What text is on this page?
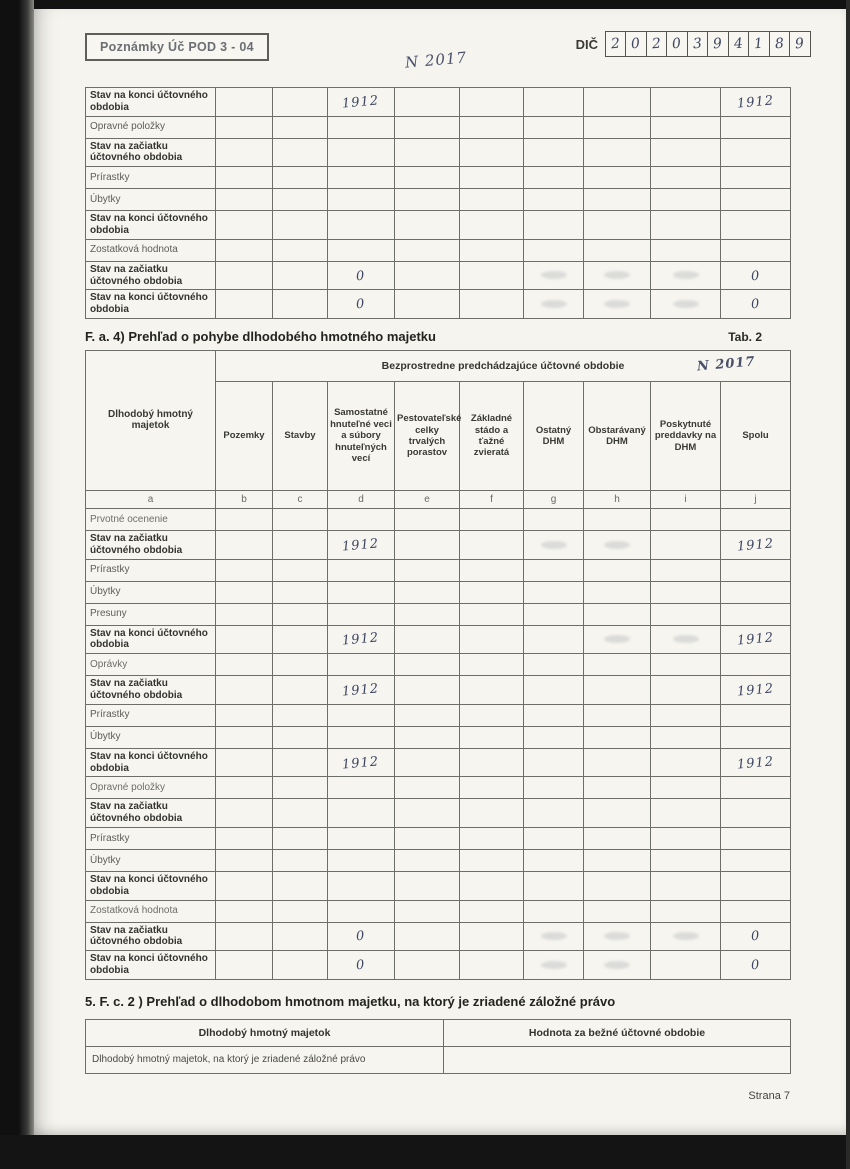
Poznámky Úč POD 3 - 04
N 2017
DIČ 2 0 2 0 3 9 4 1 8 9
Stav na konci účtovného obdobia			1912						1912
Opravné položky									
Stav na začiatku účtovného obdobia									
Prírastky									
Úbytky									
Stav na konci účtovného obdobia									
Zostatková hodnota									
Stav na začiatku účtovného obdobia			0						0
Stav na konci účtovného obdobia			0						0
F. a. 4) Prehľad o pohybe dlhodobého hmotného majetku	Tab. 2
Dlhodobý hmotný majetok	Bezprostredne predchádzajúce účtovné obdobie N 2017								

	Pozemky	Stavby	Samostatné hnuteľné veci a súbory hnuteľných vecí	Pestovateľské celky trvalých porastov	Základné stádo a ťažné zvieratá	Ostatný DHM	Obstarávaný DHM	Poskytnuté preddavky na DHM	Spolu
a	b	c	d	e	f	g	h	i	j
Prvotné ocenenie									
Stav na začiatku účtovného obdobia			1912						1912
Prírastky									
Úbytky									
Presuny									
Stav na konci účtovného obdobia			1912						1912
Oprávky									
Stav na začiatku účtovného obdobia			1912						1912
Prírastky									
Úbytky									
Stav na konci účtovného obdobia			1912						1912
Opravné položky									
Stav na začiatku účtovného obdobia									
Prírastky									
Úbytky									
Stav na konci účtovného obdobia									
Zostatková hodnota									
Stav na začiatku účtovného obdobia			0						0
Stav na konci účtovného obdobia			0						0
5. F. c. 2 ) Prehľad o dlhodobom hmotnom majetku, na ktorý je zriadené záložné právo
Dlhodobý hmotný majetok	Hodnota za bežné účtovné obdobie
Dlhodobý hmotný majetok, na ktorý je zriadené záložné právo	
Strana 7
